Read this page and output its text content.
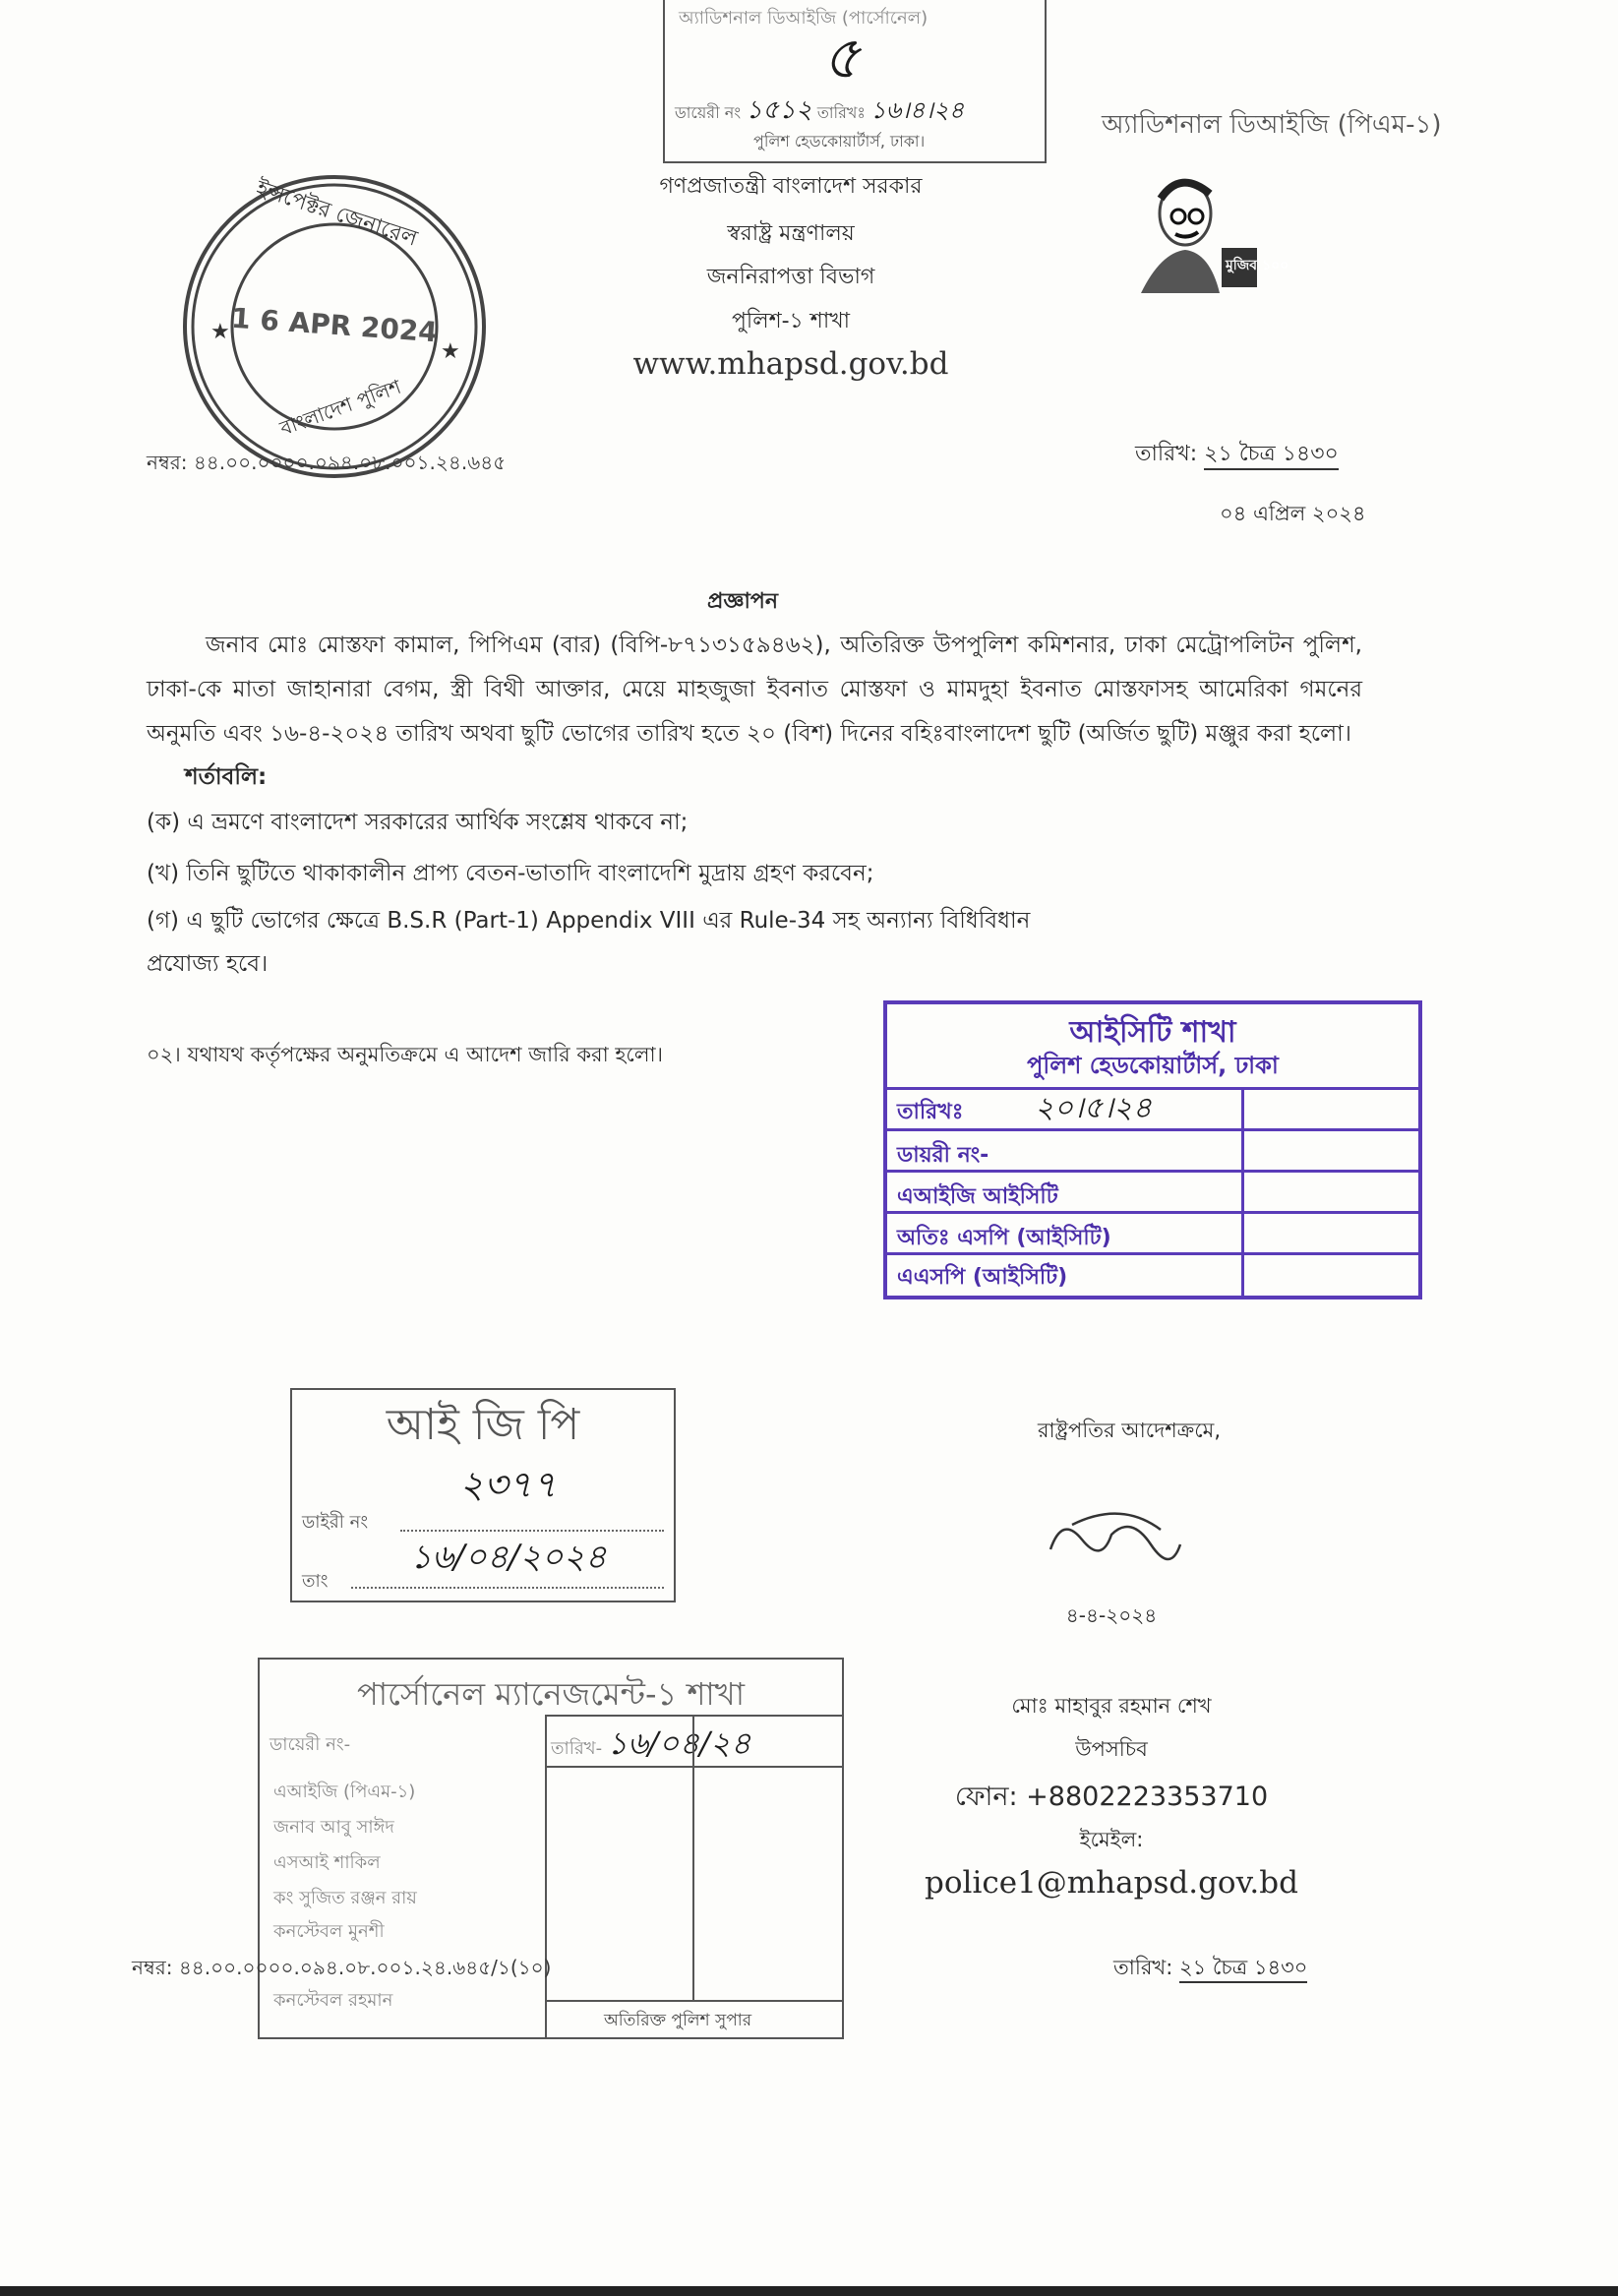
অ্যাডিশনাল ডিআইজি (পার্সোনেল)
৫
ডায়েরী নং ১৫১২ তারিখঃ ১৬।৪।২৪
পুলিশ হেডকোয়ার্টার্স, ঢাকা।
অ্যাডিশনাল ডিআইজি (পিএম-১)
মুজিব ১০০
গণপ্রজাতন্ত্রী বাংলাদেশ সরকার
স্বরাষ্ট্র মন্ত্রণালয়
জননিরাপত্তা বিভাগ
পুলিশ-১ শাখা
www.mhapsd.gov.bd
★
★
ইন্সপেক্টর জেনারেল
বাংলাদেশ পুলিশ
1 6 APR 2024
নম্বর: ৪৪.০০.০০০০.০৯৪.০৮.০০১.২৪.৬৪৫	তারিখ: ২১ চৈত্র ১৪৩০
০৪ এপ্রিল ২০২৪
প্রজ্ঞাপন

জনাব মোঃ মোস্তফা কামাল, পিপিএম (বার) (বিপি-৮৭১৩১৫৯৪৬২), অতিরিক্ত উপপুলিশ কমিশনার, ঢাকা মেট্রোপলিটন পুলিশ, ঢাকা-কে মাতা জাহানারা বেগম, স্ত্রী বিথী আক্তার, মেয়ে মাহজুজা ইবনাত মোস্তফা ও মামদুহা ইবনাত মোস্তফাসহ আমেরিকা গমনের অনুমতি এবং ১৬-৪-২০২৪ তারিখ অথবা ছুটি ভোগের তারিখ হতে ২০ (বিশ) দিনের বহিঃবাংলাদেশ ছুটি (অর্জিত ছুটি) মঞ্জুর করা হলো।

শর্তাবলি:

(ক) এ ভ্রমণে বাংলাদেশ সরকারের আর্থিক সংশ্লেষ থাকবে না;

(খ) তিনি ছুটিতে থাকাকালীন প্রাপ্য বেতন-ভাতাদি বাংলাদেশি মুদ্রায় গ্রহণ করবেন;

(গ) এ ছুটি ভোগের ক্ষেত্রে B.S.R (Part-1) Appendix VIII এর Rule-34 সহ অন্যান্য বিধিবিধান

প্রযোজ্য হবে।

০২। যথাযথ কর্তৃপক্ষের অনুমতিক্রমে এ আদেশ জারি করা হলো।

আইসিটি শাখা
পুলিশ হেডকোয়ার্টার্স, ঢাকা
তারিখঃ ২০।৫।২৪
ডায়রী নং-
এআইজি আইসিটি
অতিঃ এসপি (আইসিটি)
এএসপি (আইসিটি)
আই জি পি
২৩৭৭
ডাইরী নং
১৬/০৪/২০২৪
তাং
পার্সোনেল ম্যানেজমেন্ট-১ শাখা
ডায়েরী নং-	তারিখ- ১৬/০৪/২৪
এআইজি (পিএম-১)
জনাব আবু সাঈদ
এসআই শাকিল
কং সুজিত রঞ্জন রায়
কনস্টেবল মুনশী
কনস্টেবল রহমান
অতিরিক্ত পুলিশ সুপার
রাষ্ট্রপতির আদেশক্রমে,
৪-৪-২০২৪
মোঃ মাহাবুর রহমান শেখ
উপসচিব
ফোন: +8802223353710
ইমেইল:
police1@mhapsd.gov.bd
নম্বর: ৪৪.০০.০০০০.০৯৪.০৮.০০১.২৪.৬৪৫/১(১০)	তারিখ: ২১ চৈত্র ১৪৩০
